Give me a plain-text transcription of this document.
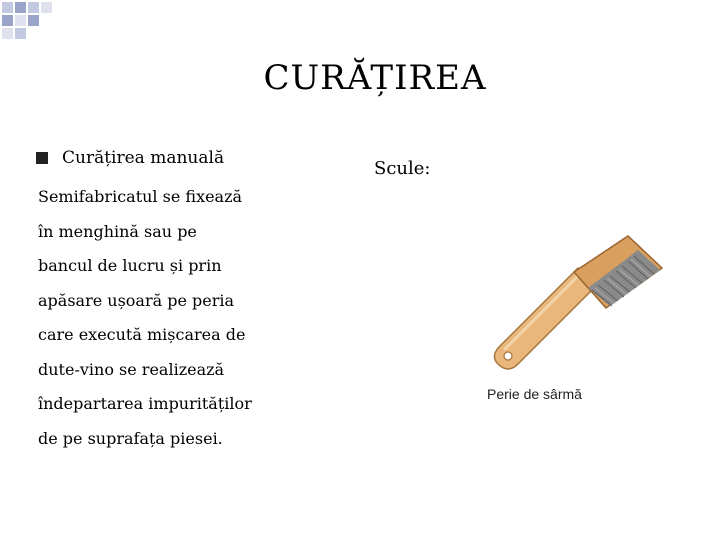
CURĂȚIREA
Curățirea manuală
Semifabricatul se fixează
în menghină sau pe
bancul de lucru și prin
apăsare ușoară pe peria
care execută mișcarea de
dute-vino se realizează
îndepartarea impurităților
de pe suprafața piesei.
Scule:
Perie de sârmă
